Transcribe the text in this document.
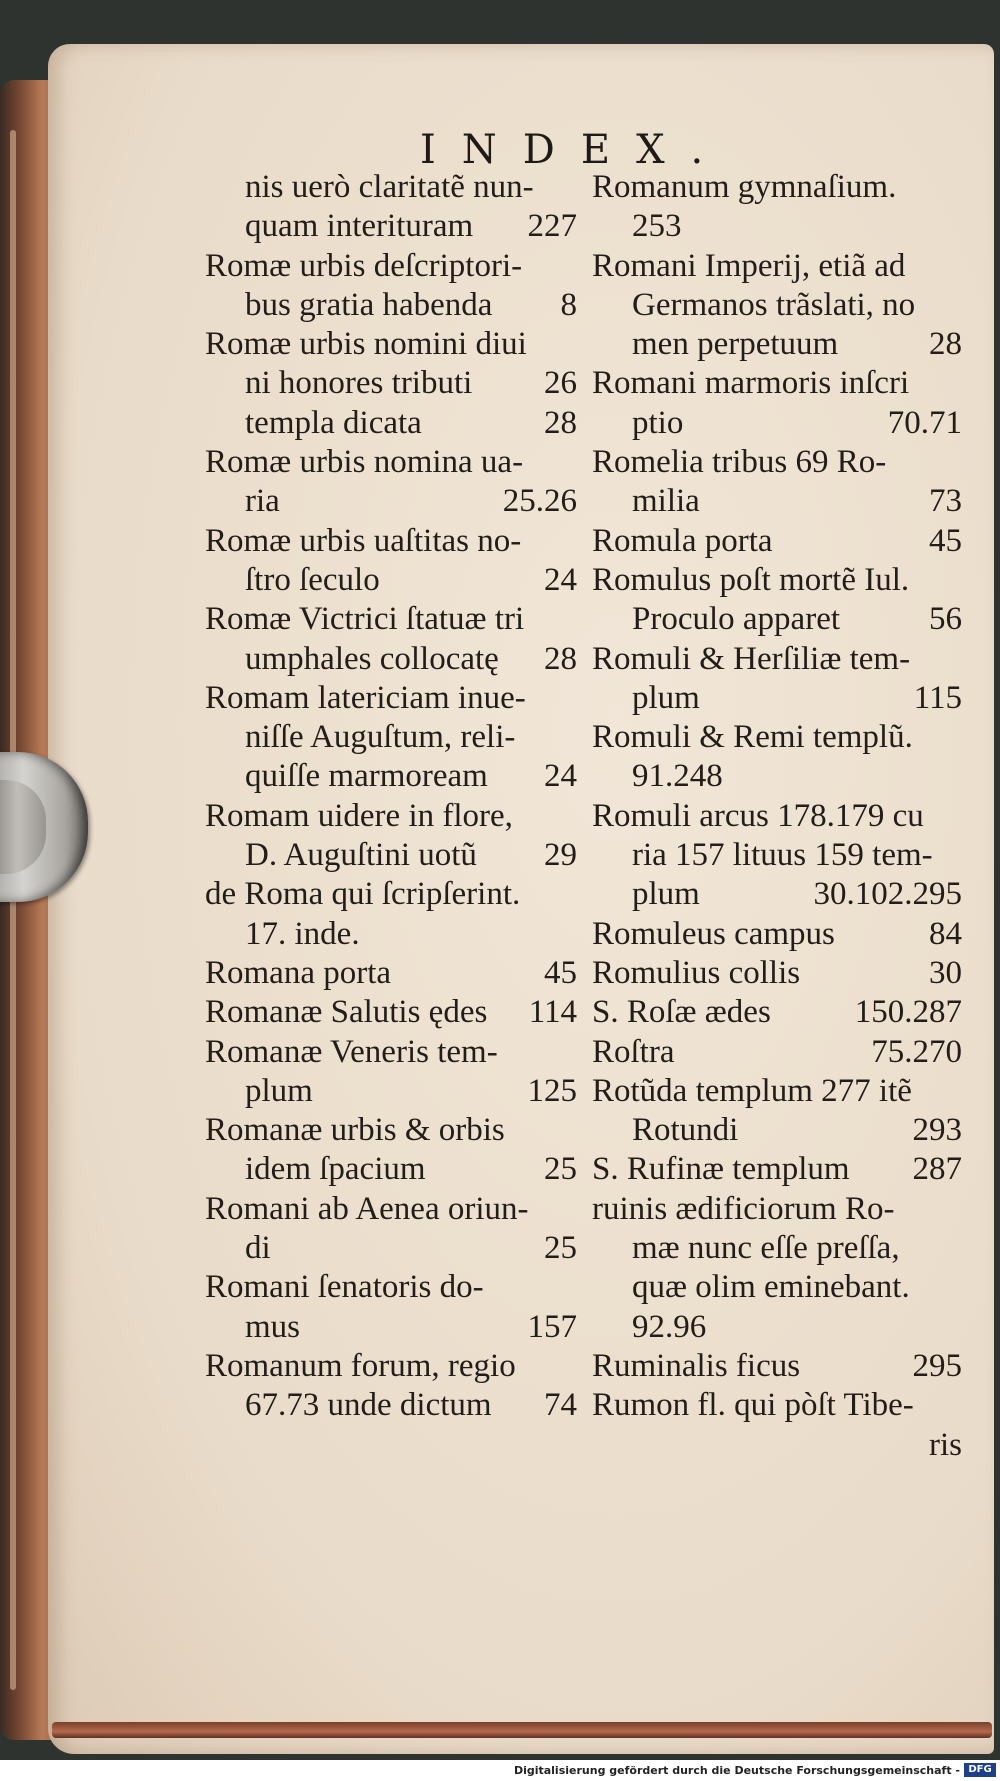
INDEX.
nis uerò claritatẽ nun-
quam interituram 227
Romæ urbis deſcriptori-
bus gratia habenda 8
Romæ urbis nomini diui
ni honores tributi 26
templa dicata	28
Romæ urbis nomina ua-
ria	25.26
Romæ urbis uaſtitas no-
ſtro ſeculo	24
Romæ Victrici ſtatuæ tri
umphales collocatę 28
Romam latericiam inue-
niſſe Auguſtum, reli-
quiſſe marmoream 24
Romam uidere in flore,
D. Auguſtini uotũ 29
de Roma qui ſcripſerint.
17. inde.
Romana porta	45
Romanæ Salutis ędes 114
Romanæ Veneris tem-
plum	125
Romanæ urbis & orbis
idem ſpacium	25
Romani ab Aenea oriun-
di	25
Romani ſenatoris do-
mus	157
Romanum forum, regio
67.73 unde dictum 74
Romanum gymnaſium.
253
Romani Imperij, etiã ad
Germanos trãslati, no
men perpetuum	28
Romani marmoris inſcri
ptio	70.71
Romelia tribus 69 Ro-
milia	73
Romula porta	45
Romulus poſt mortẽ Iul.
Proculo apparet	56
Romuli & Herſiliæ tem-
plum	115
Romuli & Remi templũ.
91.248
Romuli arcus 178.179 cu
ria 157 lituus 159 tem-
plum	30.102.295
Romuleus campus	84
Romulius collis	30
S. Roſæ ædes	150.287
Roſtra	75.270
Rotũda templum 277 itẽ
Rotundi	293
S. Rufinæ templum 287
ruinis ædificiorum Ro-
mæ nunc eſſe preſſa,
quæ olim eminebant.
92.96
Ruminalis ficus	295
Rumon fl. qui pòſt Tibe-
ris
Digitalisierung gefördert durch die Deutsche Forschungsgemeinschaft - DFG
